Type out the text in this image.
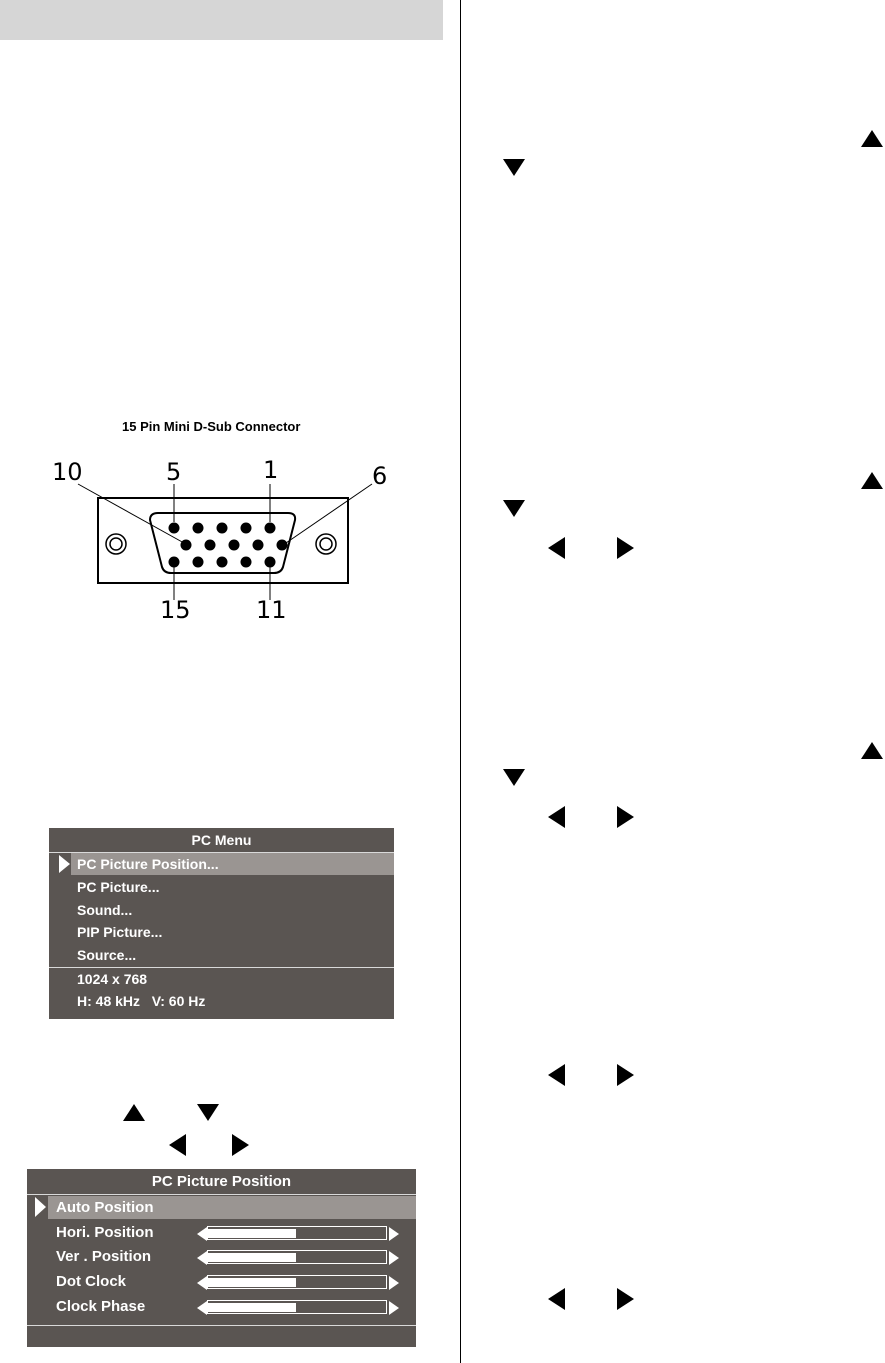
15 Pin Mini D-Sub Connector
10	5	1	6
15	11
PC Menu
PC Picture Position...
PC Picture...
Sound...
PIP Picture...
Source...
1024 x 768
H: 48 kHz   V: 60 Hz
PC Picture Position
Auto Position
Hori. Position
Ver . Position
Dot Clock
Clock Phase
